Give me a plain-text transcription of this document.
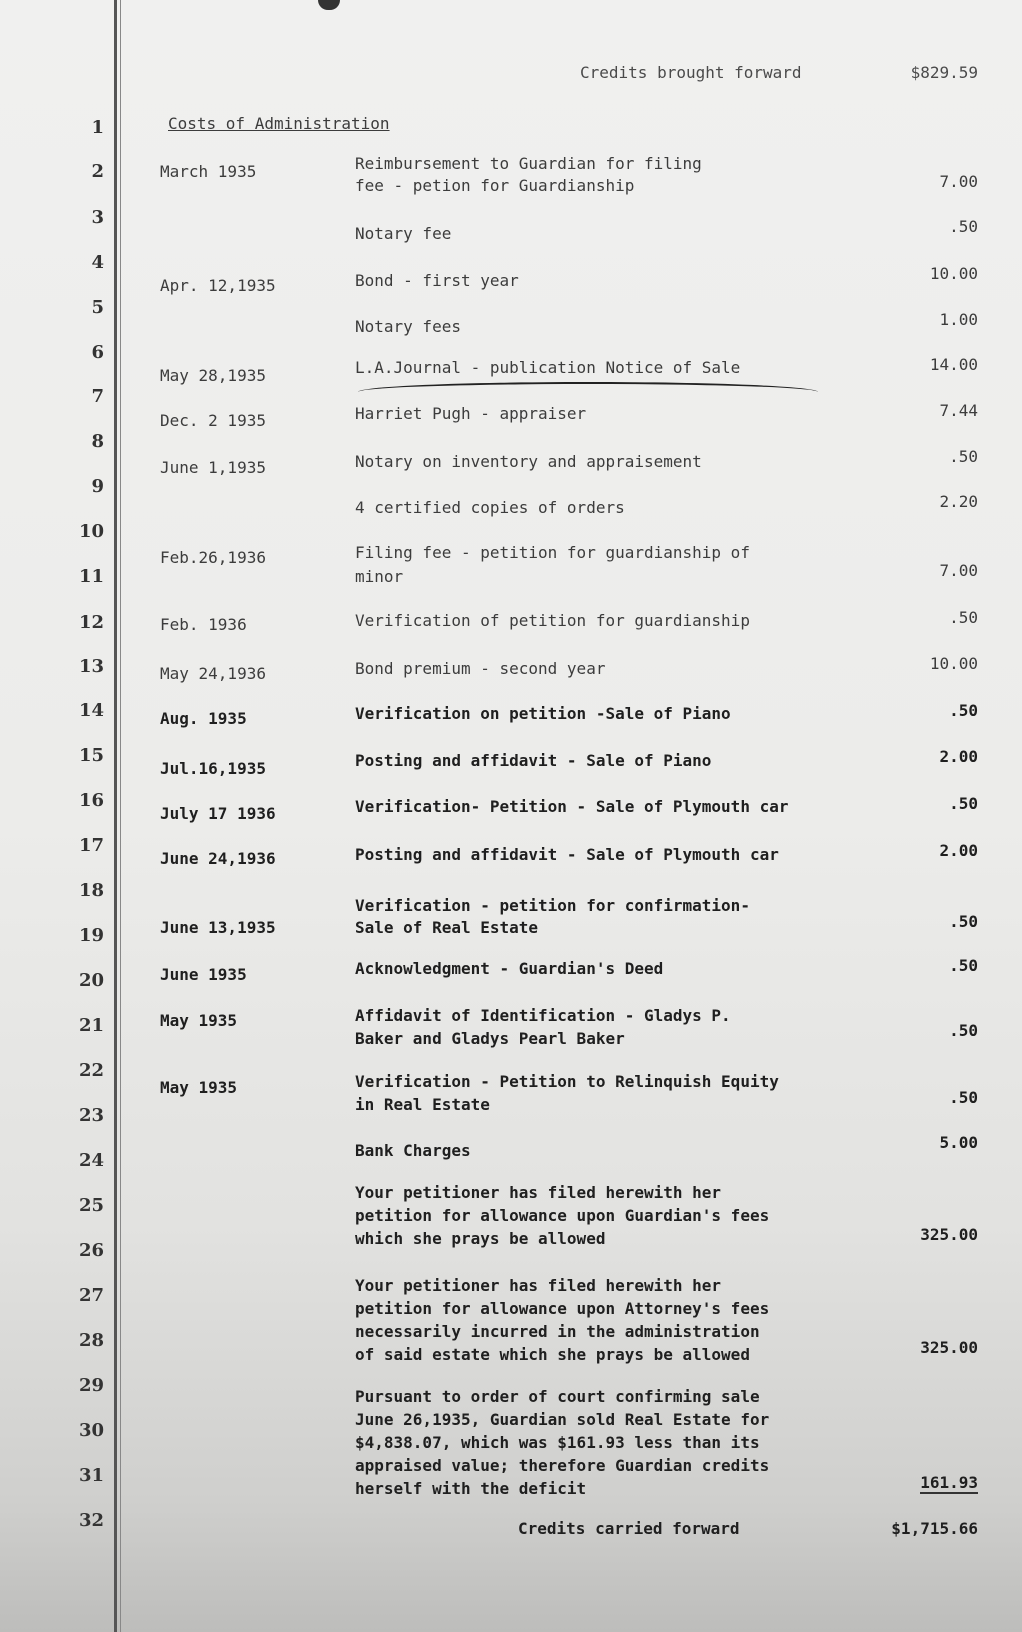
Credits brought forward	$829.59
1
2
3
4
5
6
7
8
9
10
11
12
13
14
15
16
17
18
19
20
21
22
23
24
25
26
27
28
29
30
31
32
Costs of Administration
March 1935	Reimbursement to Guardian for filing
fee - petion for Guardianship	7.00
Notary fee	.50
Apr. 12,1935	Bond - first year	10.00
Notary fees	1.00
May 28,1935	L.A.Journal - publication Notice of Sale	14.00
Dec. 2 1935	Harriet Pugh - appraiser	7.44
June 1,1935	Notary on inventory and appraisement	.50
4 certified copies of orders	2.20
Feb.26,1936	Filing fee - petition for guardianship of
minor	7.00
Feb. 1936	Verification of petition for guardianship	.50
May 24,1936	Bond premium - second year	10.00
Aug. 1935	Verification on petition -Sale of Piano	.50
Jul.16,1935	Posting and affidavit - Sale of Piano	2.00
July 17 1936	Verification- Petition - Sale of Plymouth car	.50
June 24,1936	Posting and affidavit - Sale of Plymouth car	2.00
June 13,1935
Verification - petition for confirmation-
Sale of Real Estate	.50
June 1935	Acknowledgment - Guardian's Deed	.50
May 1935	Affidavit of Identification - Gladys P.
Baker and Gladys Pearl Baker	.50
May 1935	Verification - Petition to Relinquish Equity
in Real Estate	.50
Bank Charges	5.00
Your petitioner has filed herewith her
petition for allowance upon Guardian's fees
which she prays be allowed	325.00
Your petitioner has filed herewith her
petition for allowance upon Attorney's fees
necessarily incurred in the administration
of said estate which she prays be allowed	325.00
Pursuant to order of court confirming sale
June 26,1935, Guardian sold Real Estate for
$4,838.07, which was $161.93 less than its
appraised value; therefore Guardian credits
herself with the deficit	161.93
Credits carried forward	$1,715.66
